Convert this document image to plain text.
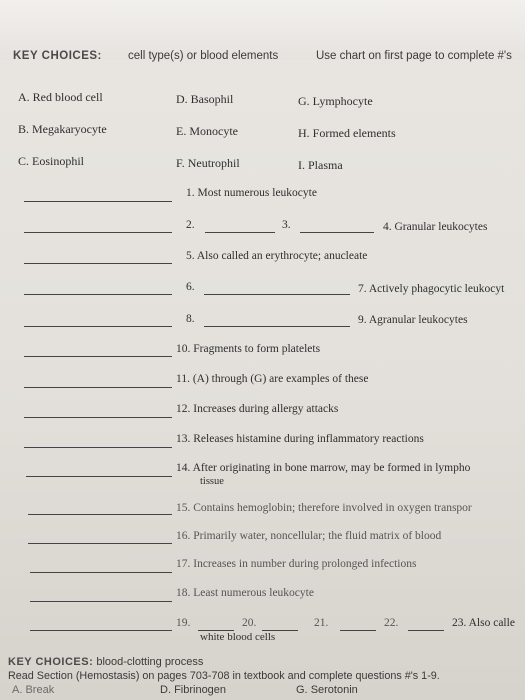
KEY CHOICES: cell type(s) or blood elements	Use chart on first page to complete #'s
A. Red blood cell	D. Basophil	G. Lymphocyte
B. Megakaryocyte	E. Monocyte	H. Formed elements
C. Eosinophil	F. Neutrophil	I. Plasma
1. Most numerous leukocyte
2.	3.	4. Granular leukocytes
5. Also called an erythrocyte; anucleate
6.	7. Actively phagocytic leukocyt
8.	9. Agranular leukocytes
10. Fragments to form platelets
11. (A) through (G) are examples of these
12. Increases during allergy attacks
13. Releases histamine during inflammatory reactions
14. After originating in bone marrow, may be formed in lympho
tissue
15. Contains hemoglobin; therefore involved in oxygen transpor
16. Primarily water, noncellular; the fluid matrix of blood
17. Increases in number during prolonged infections
18. Least numerous leukocyte
19.	20.	21.	22.	23. Also calle
white blood cells
KEY CHOICES: blood-clotting process
Read Section (Hemostasis) on pages 703-708 in textbook and complete questions #'s 1-9.
A. Break	D. Fibrinogen	G. Serotonin
